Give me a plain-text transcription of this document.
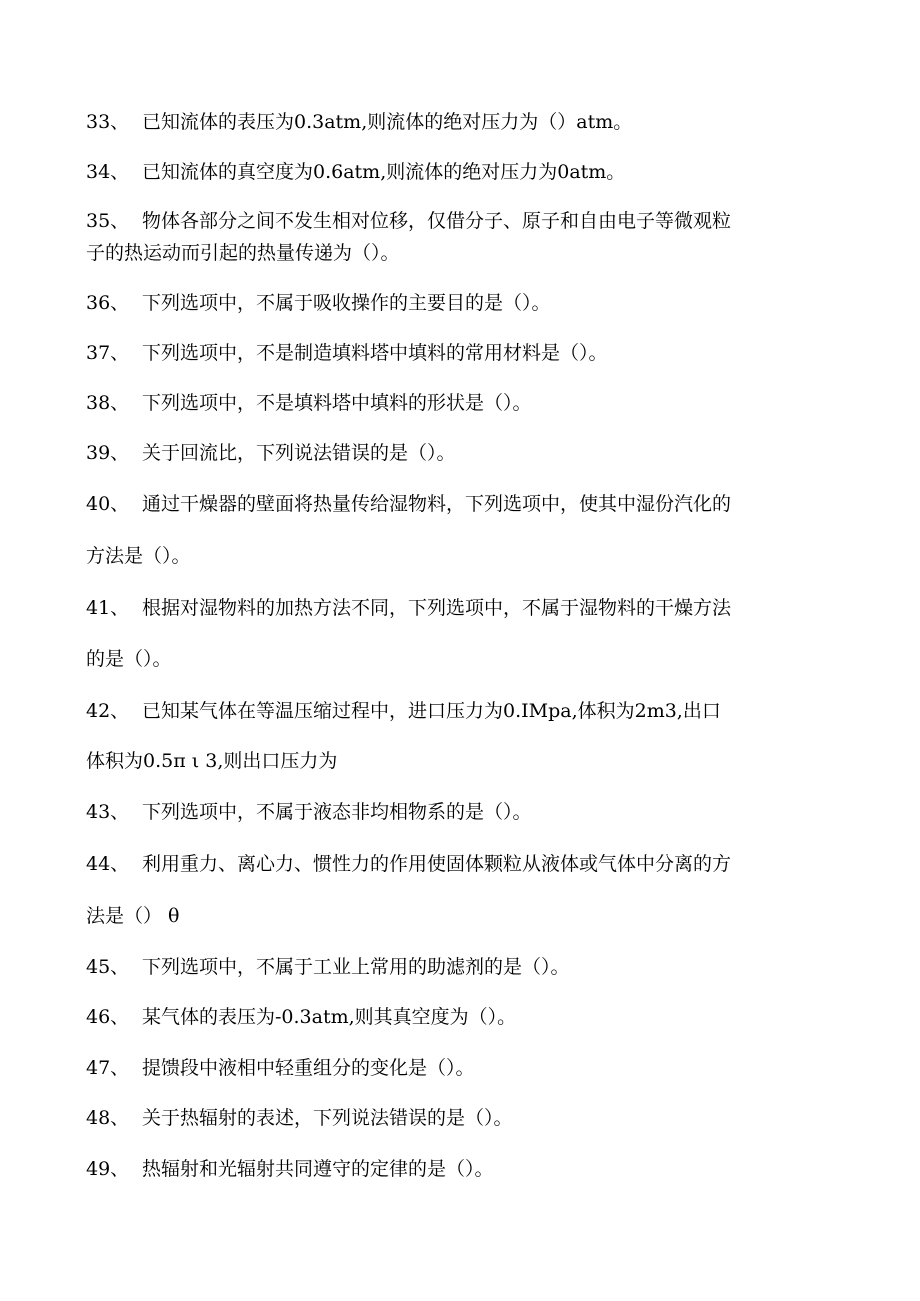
33、 已知流体的表压为0.3atm,则流体的绝对压力为（）atm。
34、 已知流体的真空度为0.6atm,则流体的绝对压力为0atm。
35、 物体各部分之间不发生相对位移，仅借分子、原子和自由电子等微观粒
子的热运动而引起的热量传递为（）。
36、 下列选项中，不属于吸收操作的主要目的是（）。
37、 下列选项中，不是制造填料塔中填料的常用材料是（）。
38、 下列选项中，不是填料塔中填料的形状是（）。
39、 关于回流比，下列说法错误的是（）。
40、 通过干燥器的壁面将热量传给湿物料，下列选项中，使其中湿份汽化的
方法是（）。
41、 根据对湿物料的加热方法不同，下列选项中，不属于湿物料的干燥方法
的是（）。
42、 已知某气体在等温压缩过程中，进口压力为0.IMpa,体积为2m3,出口
体积为0.5π ι 3,则出口压力为
43、 下列选项中，不属于液态非均相物系的是（）。
44、 利用重力、离心力、惯性力的作用使固体颗粒从液体或气体中分离的方
法是（） θ
45、 下列选项中，不属于工业上常用的助滤剂的是（）。
46、 某气体的表压为-0.3atm,则其真空度为（）。
47、 提馈段中液相中轻重组分的变化是（）。
48、 关于热辐射的表述，下列说法错误的是（）。
49、 热辐射和光辐射共同遵守的定律的是（）。
